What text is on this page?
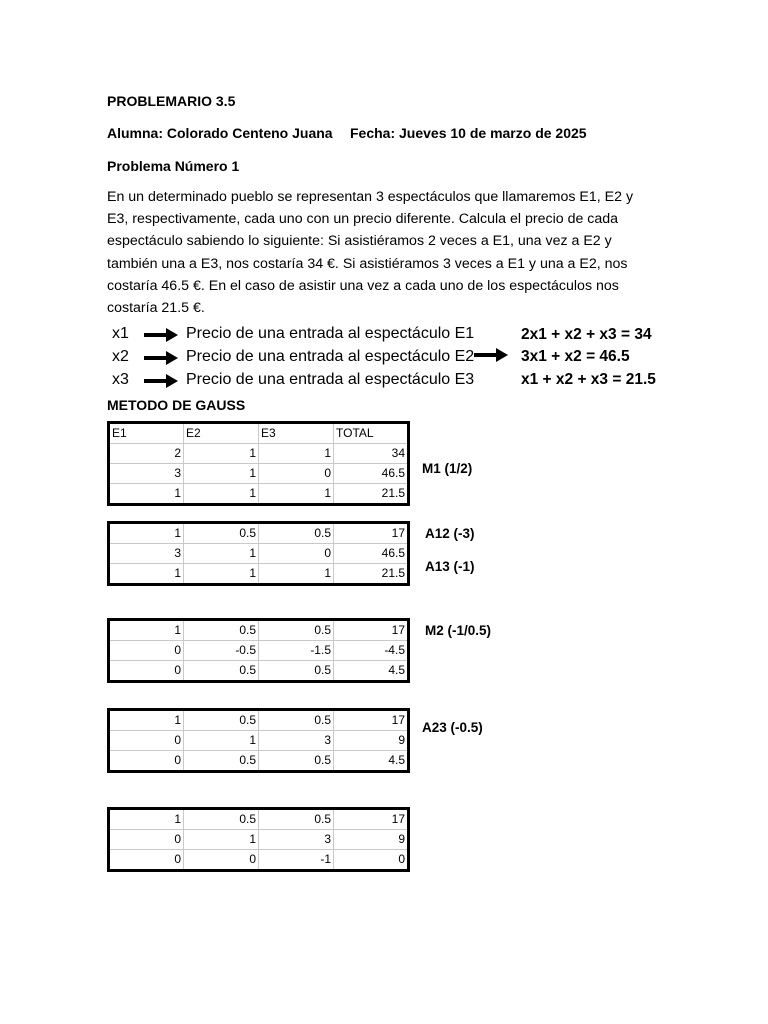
PROBLEMARIO 3.5
Alumna: Colorado Centeno Juana Fecha: Jueves 10 de marzo de 2025
Problema Número 1
En un determinado pueblo se representan 3 espectáculos que llamaremos E1, E2 y
E3, respectivamente, cada uno con un precio diferente. Calcula el precio de cada
espectáculo sabiendo lo siguiente: Si asistiéramos 2 veces a E1, una vez a E2 y
también una a E3, nos costaría 34 €. Si asistiéramos 3 veces a E1 y una a E2, nos
costaría 46.5 €. En el caso de asistir una vez a cada uno de los espectáculos nos
costaría 21.5 €.
x1	Precio de una entrada al espectáculo E1
x2	Precio de una entrada al espectáculo E2
x3	Precio de una entrada al espectáculo E3
2x1 + x2 + x3 = 34
3x1 + x2 = 46.5
x1 + x2 + x3 = 21.5
METODO DE GAUSS
E1	E2	E3	TOTAL
2	1	1	34
3	1	0	46.5
1	1	1	21.5
M1 (1/2)
1	0.5	0.5	17
3	1	0	46.5
1	1	1	21.5
A12 (-3)
A13 (-1)
1	0.5	0.5	17
0	-0.5	-1.5	-4.5
0	0.5	0.5	4.5
M2 (-1/0.5)
1	0.5	0.5	17
0	1	3	9
0	0.5	0.5	4.5
A23 (-0.5)
1	0.5	0.5	17
0	1	3	9
0	0	-1	0
